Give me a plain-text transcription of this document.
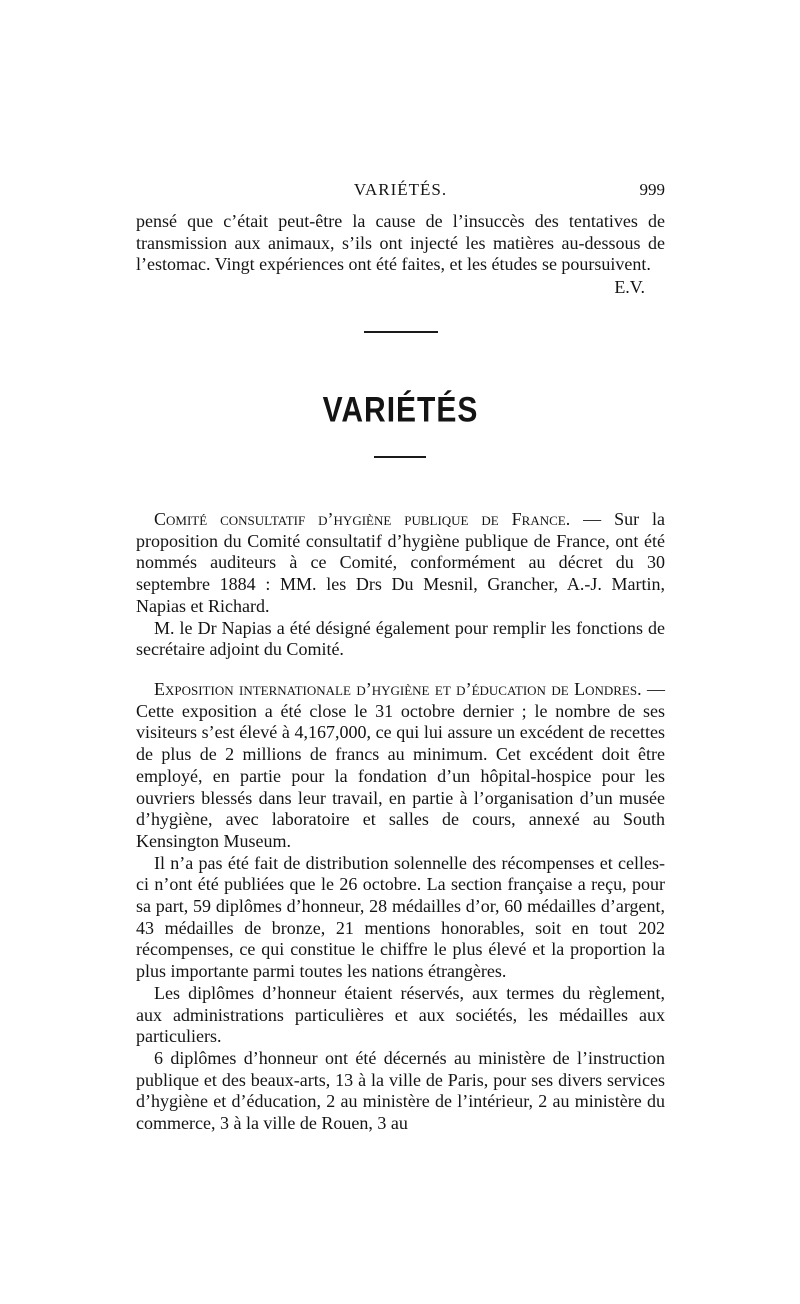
VARIÉTÉS.	999

pensé que c’était peut-être la cause de l’insuccès des tentatives de transmission aux animaux, s’ils ont injecté les matières au-dessous de l’estomac. Vingt expériences ont été faites, et les études se poursuivent.

E.V.
VARIÉTÉS

Comité consultatif d’hygiène publique de France. — Sur la proposition du Comité consultatif d’hygiène publique de France, ont été nommés auditeurs à ce Comité, conformément au décret du 30 septembre 1884 : MM. les Drs Du Mesnil, Grancher, A.-J. Martin, Napias et Richard.

M. le Dr Napias a été désigné également pour remplir les fonctions de secrétaire adjoint du Comité.

Exposition internationale d’hygiène et d’éducation de Londres. — Cette exposition a été close le 31 octobre dernier ; le nombre de ses visiteurs s’est élevé à 4,167,000, ce qui lui assure un excédent de recettes de plus de 2 millions de francs au minimum. Cet excédent doit être employé, en partie pour la fondation d’un hôpital-hospice pour les ouvriers blessés dans leur travail, en partie à l’organisation d’un musée d’hygiène, avec laboratoire et salles de cours, annexé au South Kensington Museum.

Il n’a pas été fait de distribution solennelle des récompenses et celles-ci n’ont été publiées que le 26 octobre. La section française a reçu, pour sa part, 59 diplômes d’honneur, 28 médailles d’or, 60 médailles d’argent, 43 médailles de bronze, 21 mentions honorables, soit en tout 202 récompenses, ce qui constitue le chiffre le plus élevé et la proportion la plus importante parmi toutes les nations étrangères.

Les diplômes d’honneur étaient réservés, aux termes du règlement, aux administrations particulières et aux sociétés, les médailles aux particuliers.

6 diplômes d’honneur ont été décernés au ministère de l’instruction publique et des beaux-arts, 13 à la ville de Paris, pour ses divers services d’hygiène et d’éducation, 2 au ministère de l’intérieur, 2 au ministère du commerce, 3 à la ville de Rouen, 3 au
